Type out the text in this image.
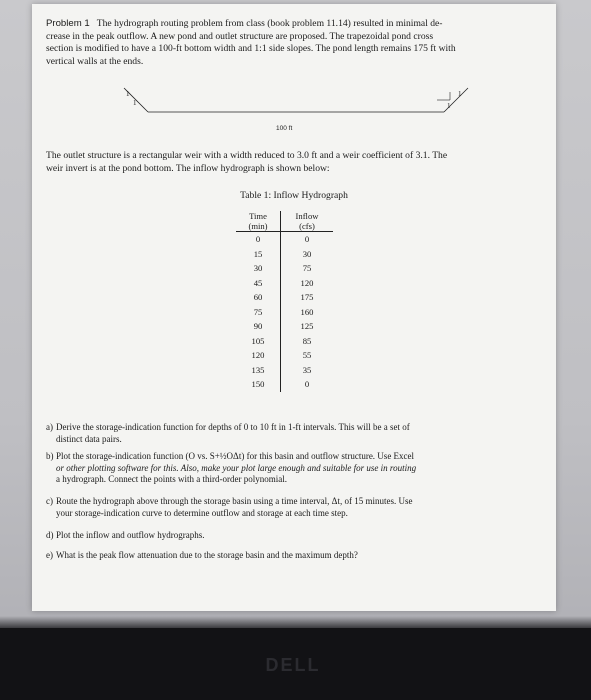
Problem 1 The hydrograph routing problem from class (book problem 11.14) resulted in minimal de-
crease in the peak outflow. A new pond and outlet structure are proposed. The trapezoidal pond cross
section is modified to have a 100-ft bottom width and 1:1 side slopes. The pond length remains 175 ft with
vertical walls at the ends.
1
1
1
1
100 ft
The outlet structure is a rectangular weir with a width reduced to 3.0 ft and a weir coefficient of 3.1. The
weir invert is at the pond bottom. The inflow hydrograph is shown below:
Table 1: Inflow Hydrograph
Time
(min)	Inflow
(cfs)
0	0
15	30
30	75
45	120
60	175
75	160
90	125
105	85
120	55
135	35
150	0
a) Derive the storage-indication function for depths of 0 to 10 ft in 1-ft intervals. This will be a set of
distinct data pairs.
b) Plot the storage-indication function (O vs. S+½OΔt) for this basin and outflow structure. Use Excel
or other plotting software for this. Also, make your plot large enough and suitable for use in routing
a hydrograph. Connect the points with a third-order polynomial.
c) Route the hydrograph above through the storage basin using a time interval, Δt, of 15 minutes. Use
your storage-indication curve to determine outflow and storage at each time step.
d) Plot the inflow and outflow hydrographs.
e) What is the peak flow attenuation due to the storage basin and the maximum depth?
DELL
